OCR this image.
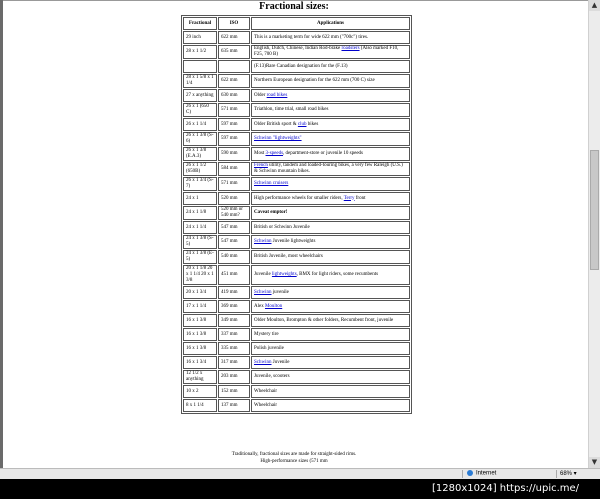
Fractional sizes:
Fractional	ISO	Applications
29 inch	622 mm	This is a marketing term for wide 622 mm ("700c") tires.
28 x 1 1/2	635 mm	English, Dutch, Chinese, Indian Rod-brake roadsters (Also marked F10, F25, 700 B)
		(F.13)Rare Canadian designation for the (F.13)
28 x 1 5/8 x 1 1/4	622 mm	Northern European designation for the 622 mm (700 C) size
27 x anything	630 mm	Older road bikes
26 x 1 (650 C)	571 mm	Triathlon, time trial, small road bikes
26 x 1 1/4	597 mm	Older British sport & club bikes
26 x 1 3/8 (S-6)	597 mm	Schwinn "lightweights"
26 x 1 3/8 (E.A.3)	590 mm	Most 3-speeds, department-store or juvenile 10 speeds
26 x 1 1/2 (650B)	584 mm	French utility, tandem and loaded-touring bikes, a very few Raleigh (U.S.) & Schwinn mountain bikes.
26 x 1 3/4 (S-7)	571 mm	Schwinn cruisers
24 x 1	520 mm	High performance wheels for smaller riders, Terry front
24 x 1 1/8	520 mm or 540 mm?	Caveat emptor!
24 x 1 1/4	547 mm	British or Schwinn Juvenile
24 x 1 3/8 (S-5)	547 mm	Schwinn Juvenile lightweights
24 x 1 3/8 (E-5)	540 mm	British Juvenile, most wheelchairs
20 x 1 1/8 20 x 1 1/4 20 x 1 3/8	451 mm	Juvenile lightweights, BMX for light riders, some recumbents
20 x 1 3/4	419 mm	Schwinn juvenile
17 x 1 1/4	369 mm	Alex Moulton
16 x 1 3/8	349 mm	Older Moulton, Brompton & other folders, Recumbent front, juvenile
16 x 1 3/8	337 mm	Mystery tire
16 x 1 3/8	335 mm	Polish juvenile
16 x 1 3/4	317 mm	Schwinn Juvenile
12 1/2 x anything	203 mm	Juvenile, scooters
10 x 2	152 mm	Wheelchair
8 x 1 1/4	137 mm	Wheelchair
Traditionally, fractional sizes are made for straight-sided rims.
High-performance sizes (571 mm
▲
▼
Internet	68% ▾
[1280x1024] https://upic.me/
